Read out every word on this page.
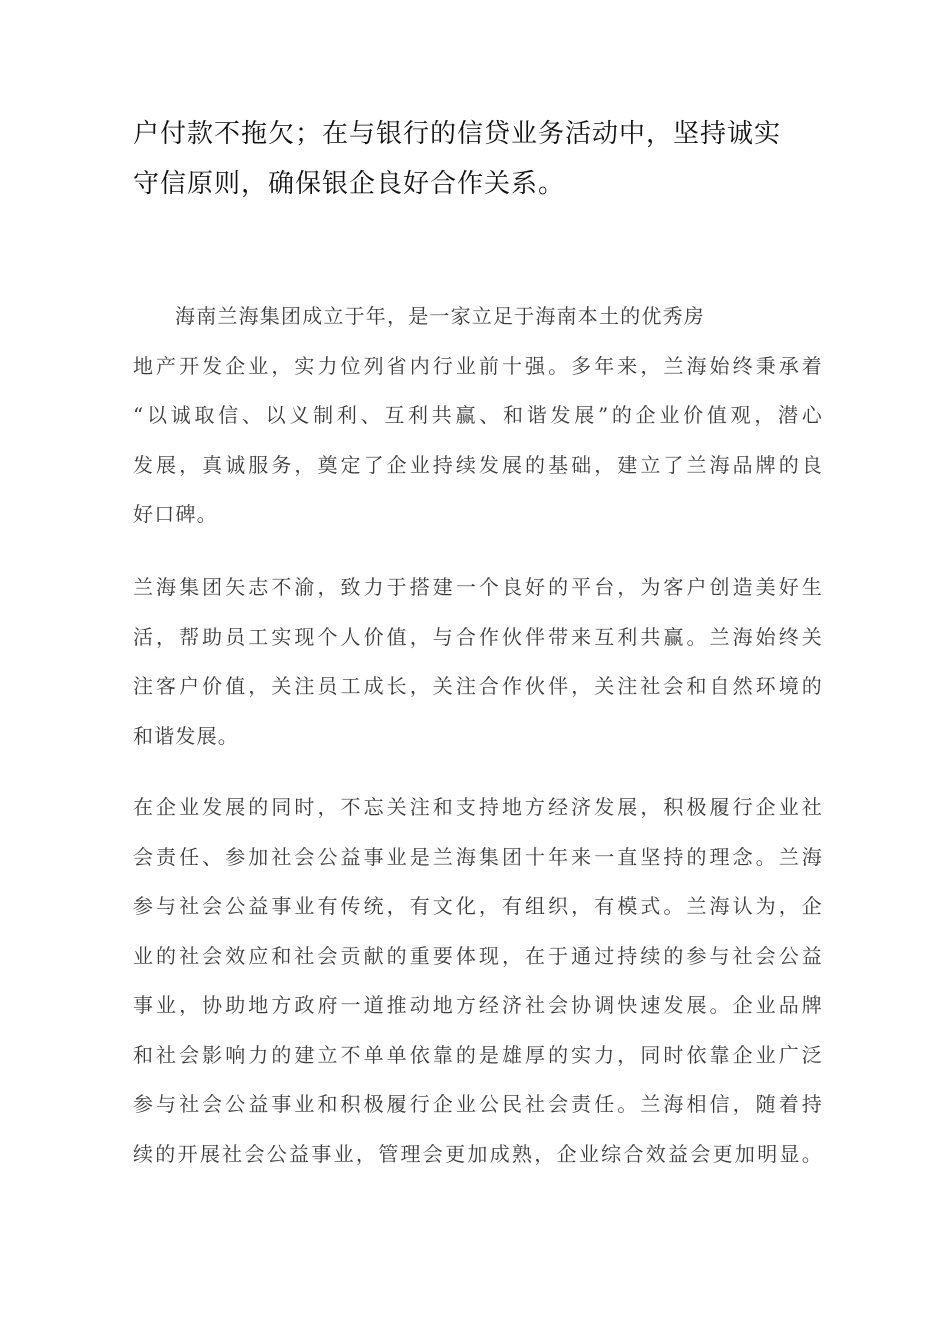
户付款不拖欠；在与银行的信贷业务活动中，坚持诚实
守信原则，确保银企良好合作关系。
海南兰海集团成立于年，是一家立足于海南本土的优秀房
地产开发企业，实力位列省内行业前十强。多年来，兰海始终秉承着
“以诚取信、以义制利、互利共赢、和谐发展”的企业价值观，潜心
发展，真诚服务，奠定了企业持续发展的基础，建立了兰海品牌的良
好口碑。
兰海集团矢志不渝，致力于搭建一个良好的平台，为客户创造美好生
活，帮助员工实现个人价值，与合作伙伴带来互利共赢。兰海始终关
注客户价值，关注员工成长，关注合作伙伴，关注社会和自然环境的
和谐发展。
在企业发展的同时，不忘关注和支持地方经济发展，积极履行企业社
会责任、参加社会公益事业是兰海集团十年来一直坚持的理念。兰海
参与社会公益事业有传统，有文化，有组织，有模式。兰海认为，企
业的社会效应和社会贡献的重要体现，在于通过持续的参与社会公益
事业，协助地方政府一道推动地方经济社会协调快速发展。企业品牌
和社会影响力的建立不单单依靠的是雄厚的实力，同时依靠企业广泛
参与社会公益事业和积极履行企业公民社会责任。兰海相信，随着持
续的开展社会公益事业，管理会更加成熟，企业综合效益会更加明显。
